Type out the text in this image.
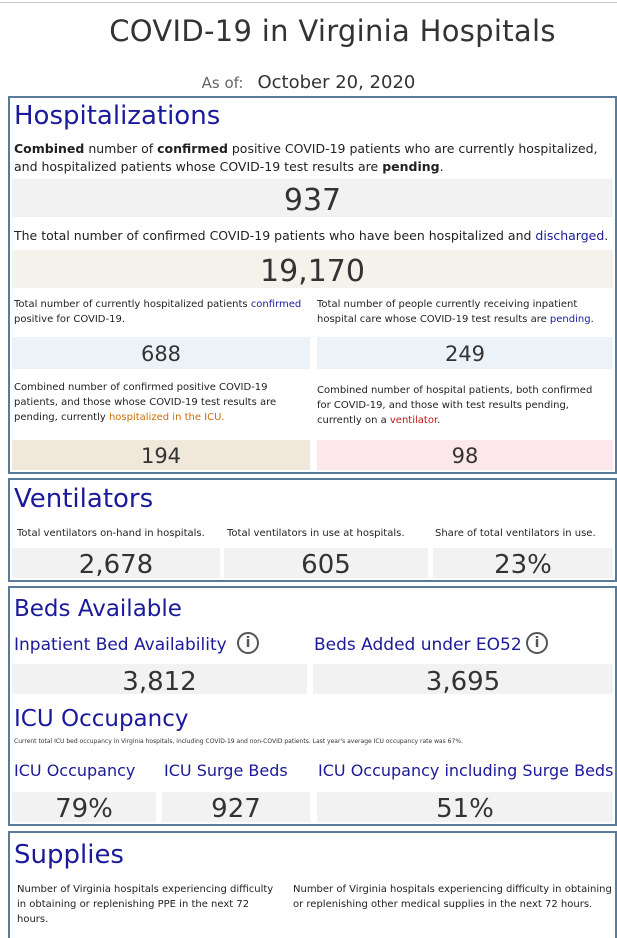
COVID-19 in Virginia Hospitals
As of: October 20, 2020
Hospitalizations
Combined number of confirmed positive COVID-19 patients who are currently hospitalized, and hospitalized patients whose COVID-19 test results are pending.
937
The total number of confirmed COVID-19 patients who have been hospitalized and discharged.
19,170
Total number of currently hospitalized patients confirmed positive for COVID-19.
688
Total number of people currently receiving inpatient hospital care whose COVID-19 test results are pending.
249
Combined number of confirmed positive COVID-19 patients, and those whose COVID-19 test results are pending, currently hospitalized in the ICU.
194
Combined number of hospital patients, both confirmed for COVID-19, and those with test results pending, currently on a ventilator.
98
Ventilators
Total ventilators on-hand in hospitals.
2,678
Total ventilators in use at hospitals.
605
Share of total ventilators in use.
23%
Beds Available
Inpatient Bed Availability	i
3,812
Beds Added under EO52 i
3,695
ICU Occupancy
Current total ICU bed occupancy in Virginia hospitals, including COVID-19 and non-COVID patients. Last year's average ICU occupancy rate was 67%.
ICU Occupancy
79%
ICU Surge Beds
927
ICU Occupancy including Surge Beds
51%
Supplies
Number of Virginia hospitals experiencing difficulty in obtaining or replenishing PPE in the next 72 hours.
Number of Virginia hospitals experiencing difficulty in obtaining or replenishing other medical supplies in the next 72 hours.
